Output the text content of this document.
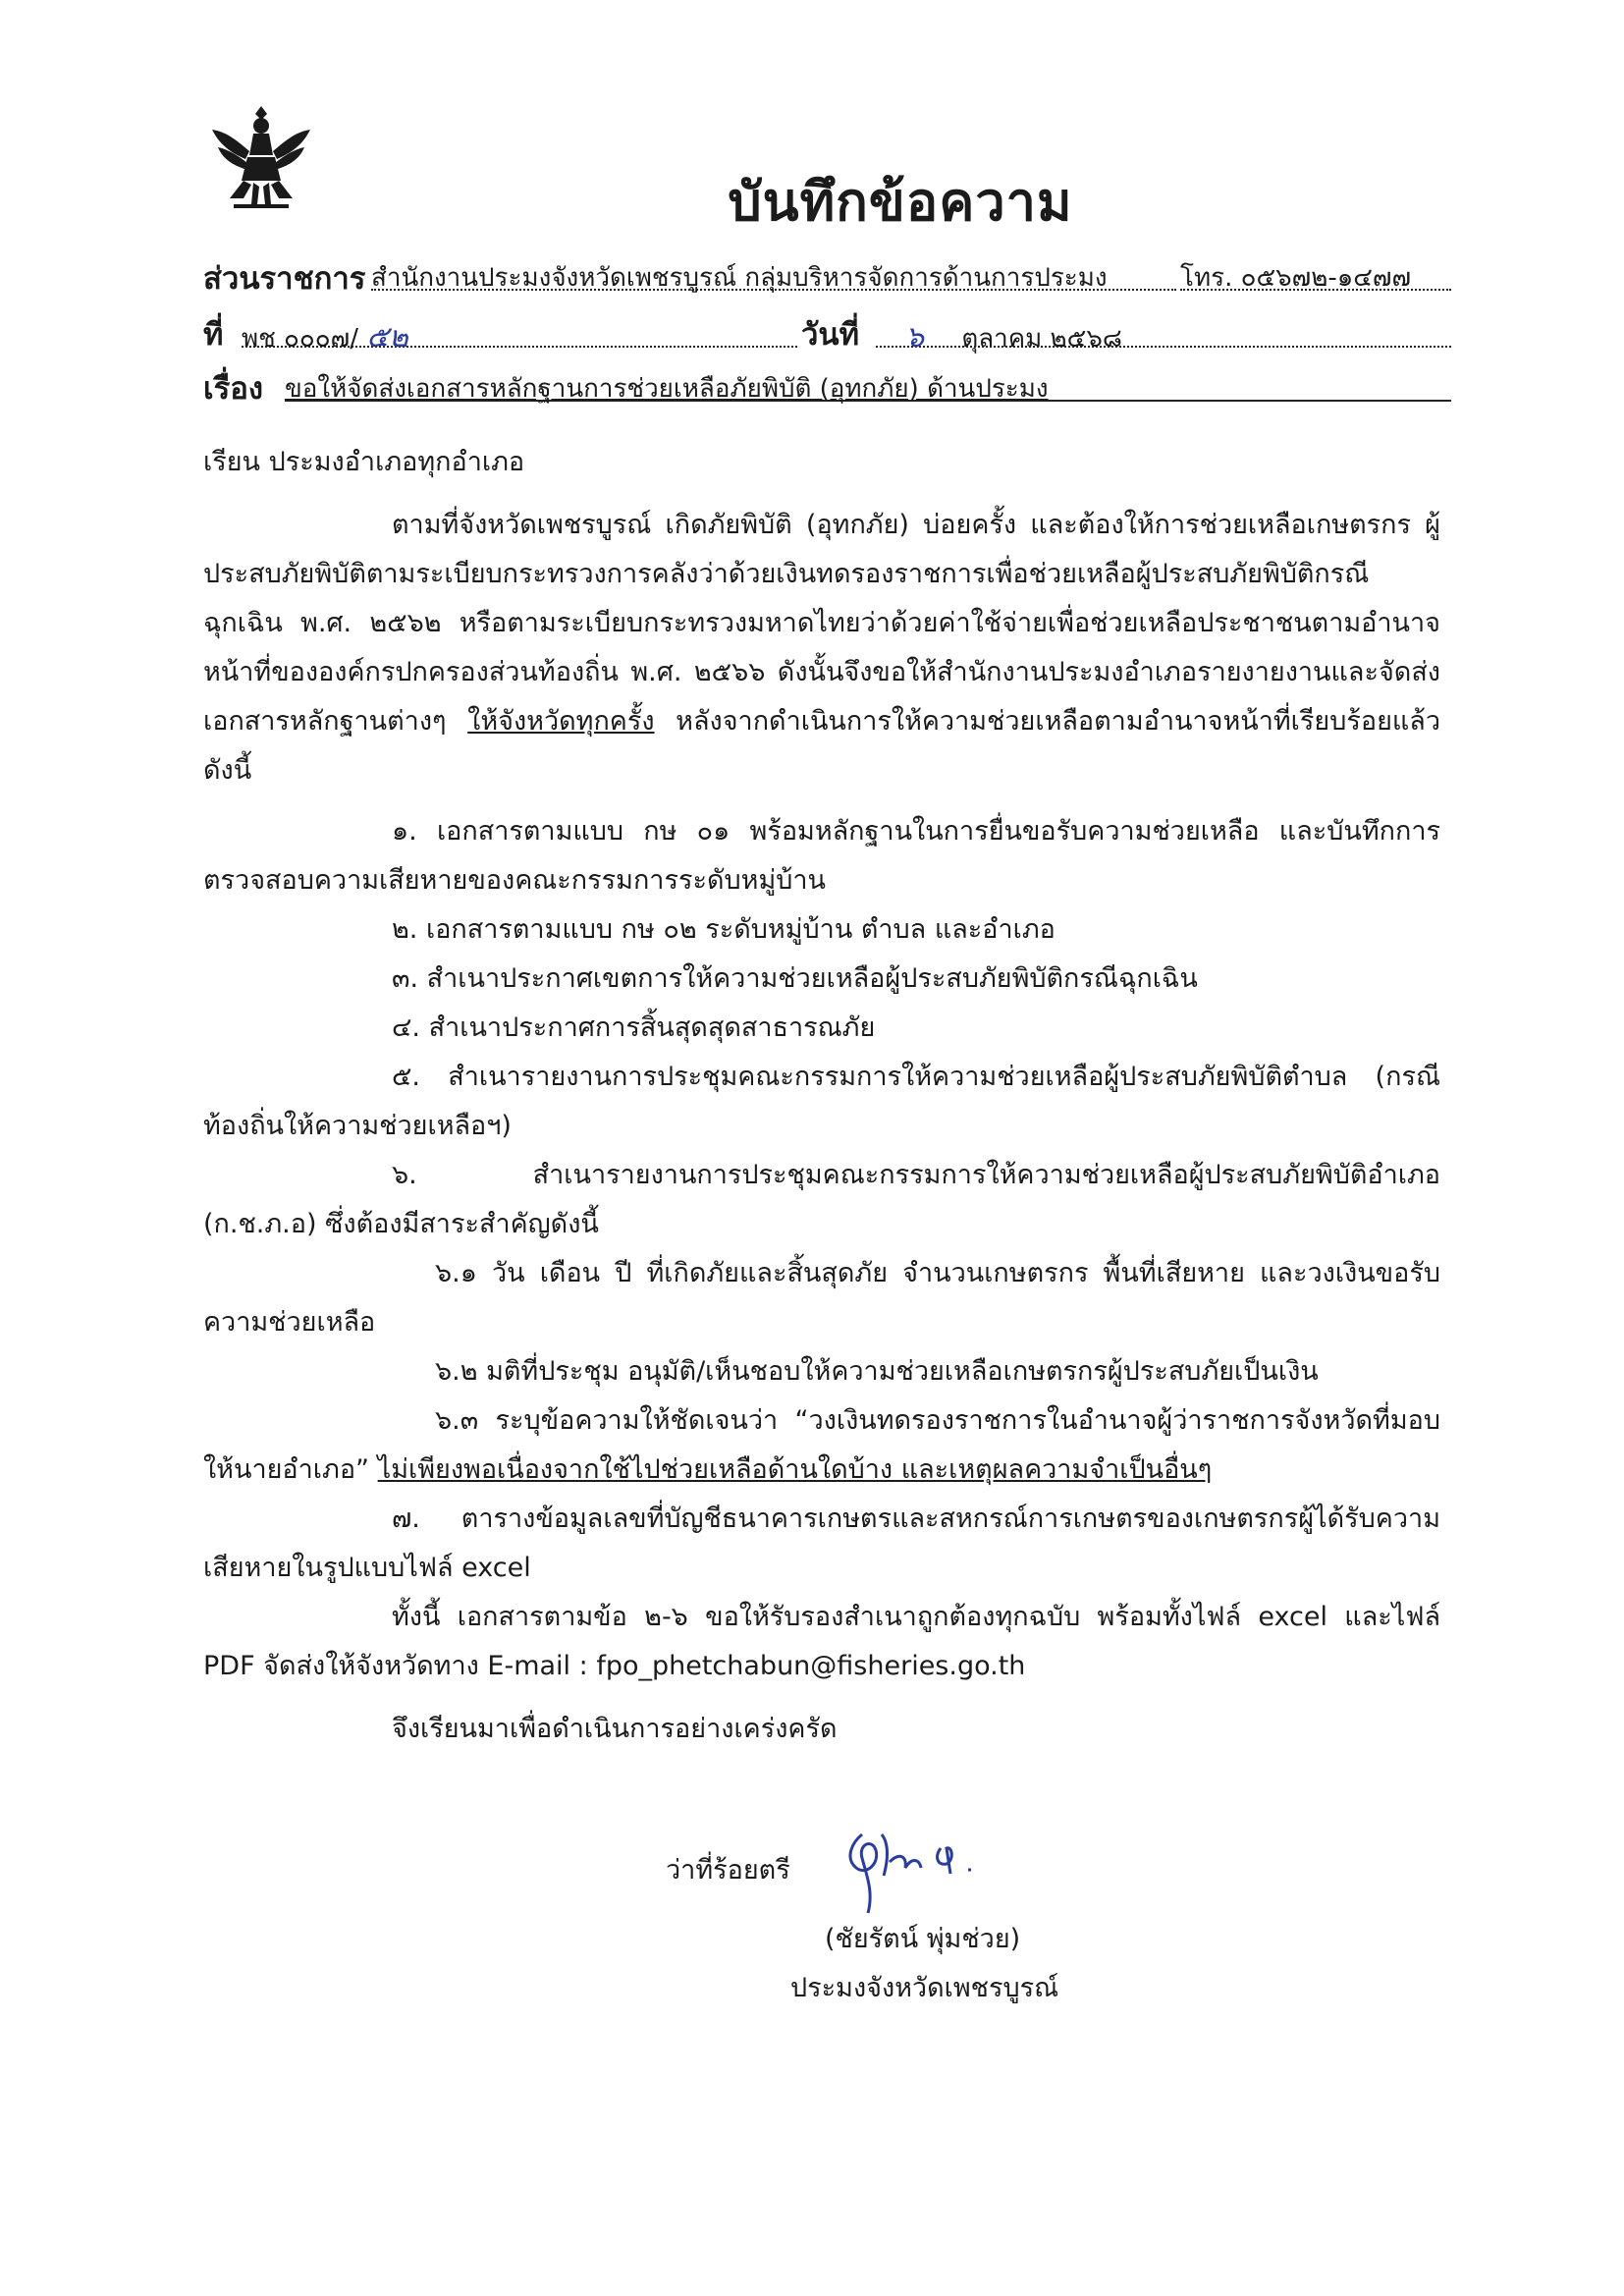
บันทึกข้อความ
ส่วนราชการ สำนักงานประมงจังหวัดเพชรบูรณ์ กลุ่มบริหารจัดการด้านการประมง	โทร. ๐๕๖๗๒-๑๔๗๗
ที่ พช ๐๐๐๗/ ๕๒	วันที่	๖ ตุลาคม ๒๕๖๘
เรื่อง ขอให้จัดส่งเอกสารหลักฐานการช่วยเหลือภัยพิบัติ (อุทกภัย) ด้านประมง
เรียน ประมงอำเภอทุกอำเภอ
ตามที่จังหวัดเพชรบูรณ์ เกิดภัยพิบัติ (อุทกภัย) บ่อยครั้ง และต้องให้การช่วยเหลือเกษตรกร ผู้ประสบภัยพิบัติตามระเบียบกระทรวงการคลังว่าด้วยเงินทดรองราชการเพื่อช่วยเหลือผู้ประสบภัยพิบัติกรณีฉุกเฉิน พ.ศ. ๒๕๖๒ หรือตามระเบียบกระทรวงมหาดไทยว่าด้วยค่าใช้จ่ายเพื่อช่วยเหลือประชาชนตามอำนาจหน้าที่ขององค์กรปกครองส่วนท้องถิ่น พ.ศ. ๒๕๖๖ ดังนั้นจึงขอให้สำนักงานประมงอำเภอรายงายงานและจัดส่งเอกสารหลักฐานต่างๆ ให้จังหวัดทุกครั้ง หลังจากดำเนินการให้ความช่วยเหลือตามอำนาจหน้าที่เรียบร้อยแล้ว ดังนี้
๑. เอกสารตามแบบ กษ ๐๑ พร้อมหลักฐานในการยื่นขอรับความช่วยเหลือ และบันทึกการตรวจสอบความเสียหายของคณะกรรมการระดับหมู่บ้าน
๒. เอกสารตามแบบ กษ ๐๒ ระดับหมู่บ้าน ตำบล และอำเภอ
๓. สำเนาประกาศเขตการให้ความช่วยเหลือผู้ประสบภัยพิบัติกรณีฉุกเฉิน
๔. สำเนาประกาศการสิ้นสุดสุดสาธารณภัย
๕. สำเนารายงานการประชุมคณะกรรมการให้ความช่วยเหลือผู้ประสบภัยพิบัติตำบล (กรณีท้องถิ่นให้ความช่วยเหลือฯ)
๖. สำเนารายงานการประชุมคณะกรรมการให้ความช่วยเหลือผู้ประสบภัยพิบัติอำเภอ (ก.ช.ภ.อ) ซึ่งต้องมีสาระสำคัญดังนี้
๖.๑ วัน เดือน ปี ที่เกิดภัยและสิ้นสุดภัย จำนวนเกษตรกร พื้นที่เสียหาย และวงเงินขอรับความช่วยเหลือ
๖.๒ มติที่ประชุม อนุมัติ/เห็นชอบให้ความช่วยเหลือเกษตรกรผู้ประสบภัยเป็นเงิน
๖.๓ ระบุข้อความให้ชัดเจนว่า “วงเงินทดรองราชการในอำนาจผู้ว่าราชการจังหวัดที่มอบให้นายอำเภอ” ไม่เพียงพอเนื่องจากใช้ไปช่วยเหลือด้านใดบ้าง และเหตุผลความจำเป็นอื่นๆ
๗. ตารางข้อมูลเลขที่บัญชีธนาคารเกษตรและสหกรณ์การเกษตรของเกษตรกรผู้ได้รับความเสียหายในรูปแบบไฟล์ excel
ทั้งนี้ เอกสารตามข้อ ๒-๖ ขอให้รับรองสำเนาถูกต้องทุกฉบับ พร้อมทั้งไฟล์ excel และไฟล์ PDF จัดส่งให้จังหวัดทาง E-mail : fpo_phetchabun@fisheries.go.th
จึงเรียนมาเพื่อดำเนินการอย่างเคร่งครัด
ว่าที่ร้อยตรี
(ชัยรัตน์ พุ่มช่วย)
ประมงจังหวัดเพชรบูรณ์
